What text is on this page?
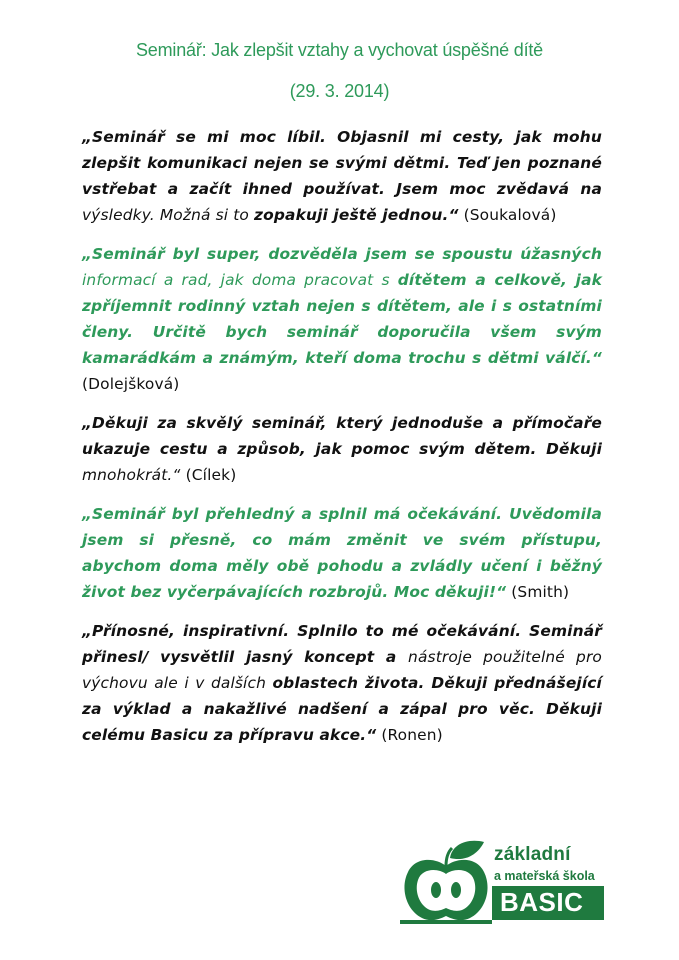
Seminář: Jak zlepšit vztahy a vychovat úspěšné dítě
(29. 3. 2014)

„Seminář se mi moc líbil. Objasnil mi cesty, jak mohu zlepšit komunikaci nejen se svými dětmi. Teď jen poznané vstřebat a začít ihned používat. Jsem moc zvědavá na výsledky. Možná si to zopakuji ještě jednou.“ (Soukalová)

„Seminář byl super, dozvěděla jsem se spoustu úžasných informací a rad, jak doma pracovat s dítětem a celkově, jak zpříjemnit rodinný vztah nejen s dítětem, ale i s ostatními členy. Určitě bych seminář doporučila všem svým kamarádkám a známým, kteří doma trochu s dětmi válčí.“ (Dolejšková)

„Děkuji za skvělý seminář, který jednoduše a přímočaře ukazuje cestu a způsob, jak pomoc svým dětem. Děkuji mnohokrát.“ (Cílek)

„Seminář byl přehledný a splnil má očekávání. Uvědomila jsem si přesně, co mám změnit ve svém přístupu, abychom doma měly obě pohodu a zvládly učení i běžný život bez vyčerpávajících rozbrojů. Moc děkuji!“ (Smith)

„Přínosné, inspirativní. Splnilo to mé očekávání. Seminář přinesl/ vysvětlil jasný koncept a nástroje použitelné pro výchovu ale i v dalších oblastech života. Děkuji přednášející za výklad a nakažlivé nadšení a zápal pro věc. Děkuji celému Basicu za přípravu akce.“ (Ronen)

základní
a mateřská škola
BASIC
